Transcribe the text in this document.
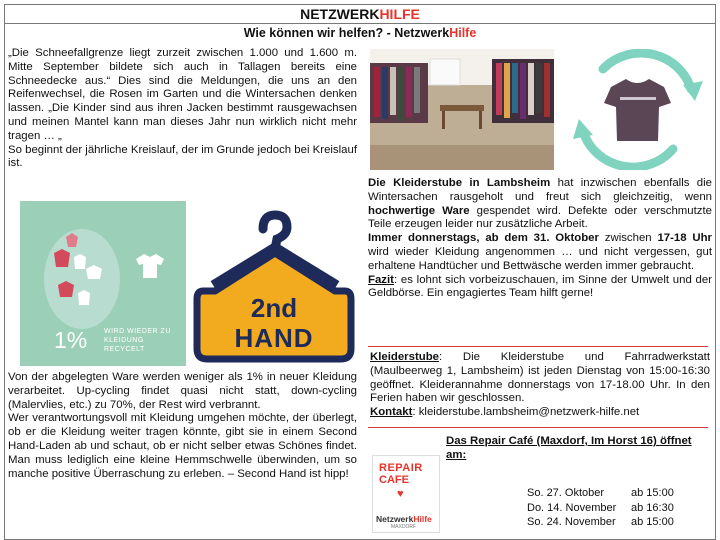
NETZWERKHILFE
Wie können wir helfen? - NetzwerkHilfe

„Die Schneefallgrenze liegt zurzeit zwischen 1.000 und 1.600 m. Mitte September bildete sich auch in Tallagen bereits eine Schneedecke aus.“ Dies sind die Meldungen, die uns an den Reifenwechsel, die Rosen im Garten und die Wintersachen denken lassen. „Die Kinder sind aus ihren Jacken bestimmt rausgewachsen und meinen Mantel kann man dieses Jahr nun wirklich nicht mehr tragen … „

So beginnt der jährliche Kreislauf, der im Grunde jedoch bei Kreislauf ist.

Die Kleiderstube in Lambsheim hat inzwischen ebenfalls die Wintersachen rausgeholt und freut sich gleichzeitig, wenn hochwertige Ware gespendet wird. Defekte oder verschmutzte Teile erzeugen leider nur zusätzliche Arbeit.

Immer donnerstags, ab dem 31. Oktober zwischen 17-18 Uhr wird wieder Kleidung angenommen … und nicht vergessen, gut erhaltene Handtücher und Bettwäsche werden immer gebraucht.

Fazit: es lohnt sich vorbeizuschauen, im Sinne der Umwelt und der Geldbörse. Ein engagiertes Team hilft gerne!

Kleiderstube: Die Kleiderstube und Fahrradwerkstatt (Maulbeerweg 1, Lambsheim) ist jeden Dienstag von 15:00-16:30 geöffnet. Kleiderannahme donnerstags von 17-18.00 Uhr. In den Ferien haben wir geschlossen.

Kontakt: kleiderstube.lambsheim@netzwerk-hilfe.net

1% WIRD WIEDER ZU KLEIDUNG RECYCELT
2nd
HAND

Von der abgelegten Ware werden weniger als 1% in neuer Kleidung verarbeitet. Up-cycling findet quasi nicht statt, down-cycling (Malervlies, etc.) zu 70%, der Rest wird verbrannt.

Wer verantwortungsvoll mit Kleidung umgehen möchte, der überlegt, ob er die Kleidung weiter tragen könnte, gibt sie in einem Second Hand-Laden ab und schaut, ob er nicht selber etwas Schönes findet. Man muss lediglich eine kleine Hemmschwelle überwinden, um so manche positive Überraschung zu erleben. – Second Hand ist hipp!	REPAIR
CAFE
♥
NetzwerkHilfe
MAXDORF
Das Repair Café (Maxdorf, Im Horst 16) öffnet am:
So. 27. Oktober	ab 15:00
Do. 14. November	ab 16:30
So. 24. November	ab 15:00
